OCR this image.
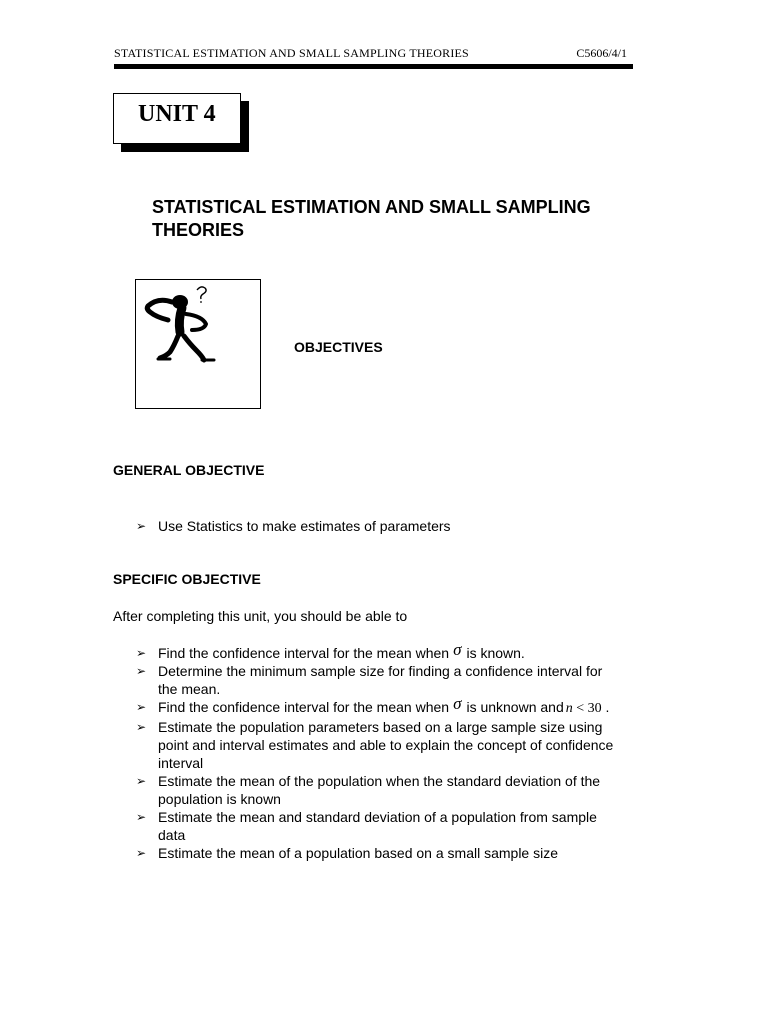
STATISTICAL ESTIMATION AND SMALL SAMPLING THEORIES	C5606/4/1
UNIT 4
STATISTICAL ESTIMATION AND SMALL SAMPLING
THEORIES
OBJECTIVES
GENERAL OBJECTIVE
➢ Use Statistics to make estimates of parameters
SPECIFIC OBJECTIVE
After completing this unit, you should be able to
➢ Find the confidence interval for the mean when σ is known.
➢ Determine the minimum sample size for finding a confidence interval for
the mean.
➢ Find the confidence interval for the mean when σ is unknown and n < 30 .
➢ Estimate the population parameters based on a large sample size using
point and interval estimates and able to explain the concept of confidence
interval
➢ Estimate the mean of the population when the standard deviation of the
population is known
➢ Estimate the mean and standard deviation of a population from sample
data
➢ Estimate the mean of a population based on a small sample size
